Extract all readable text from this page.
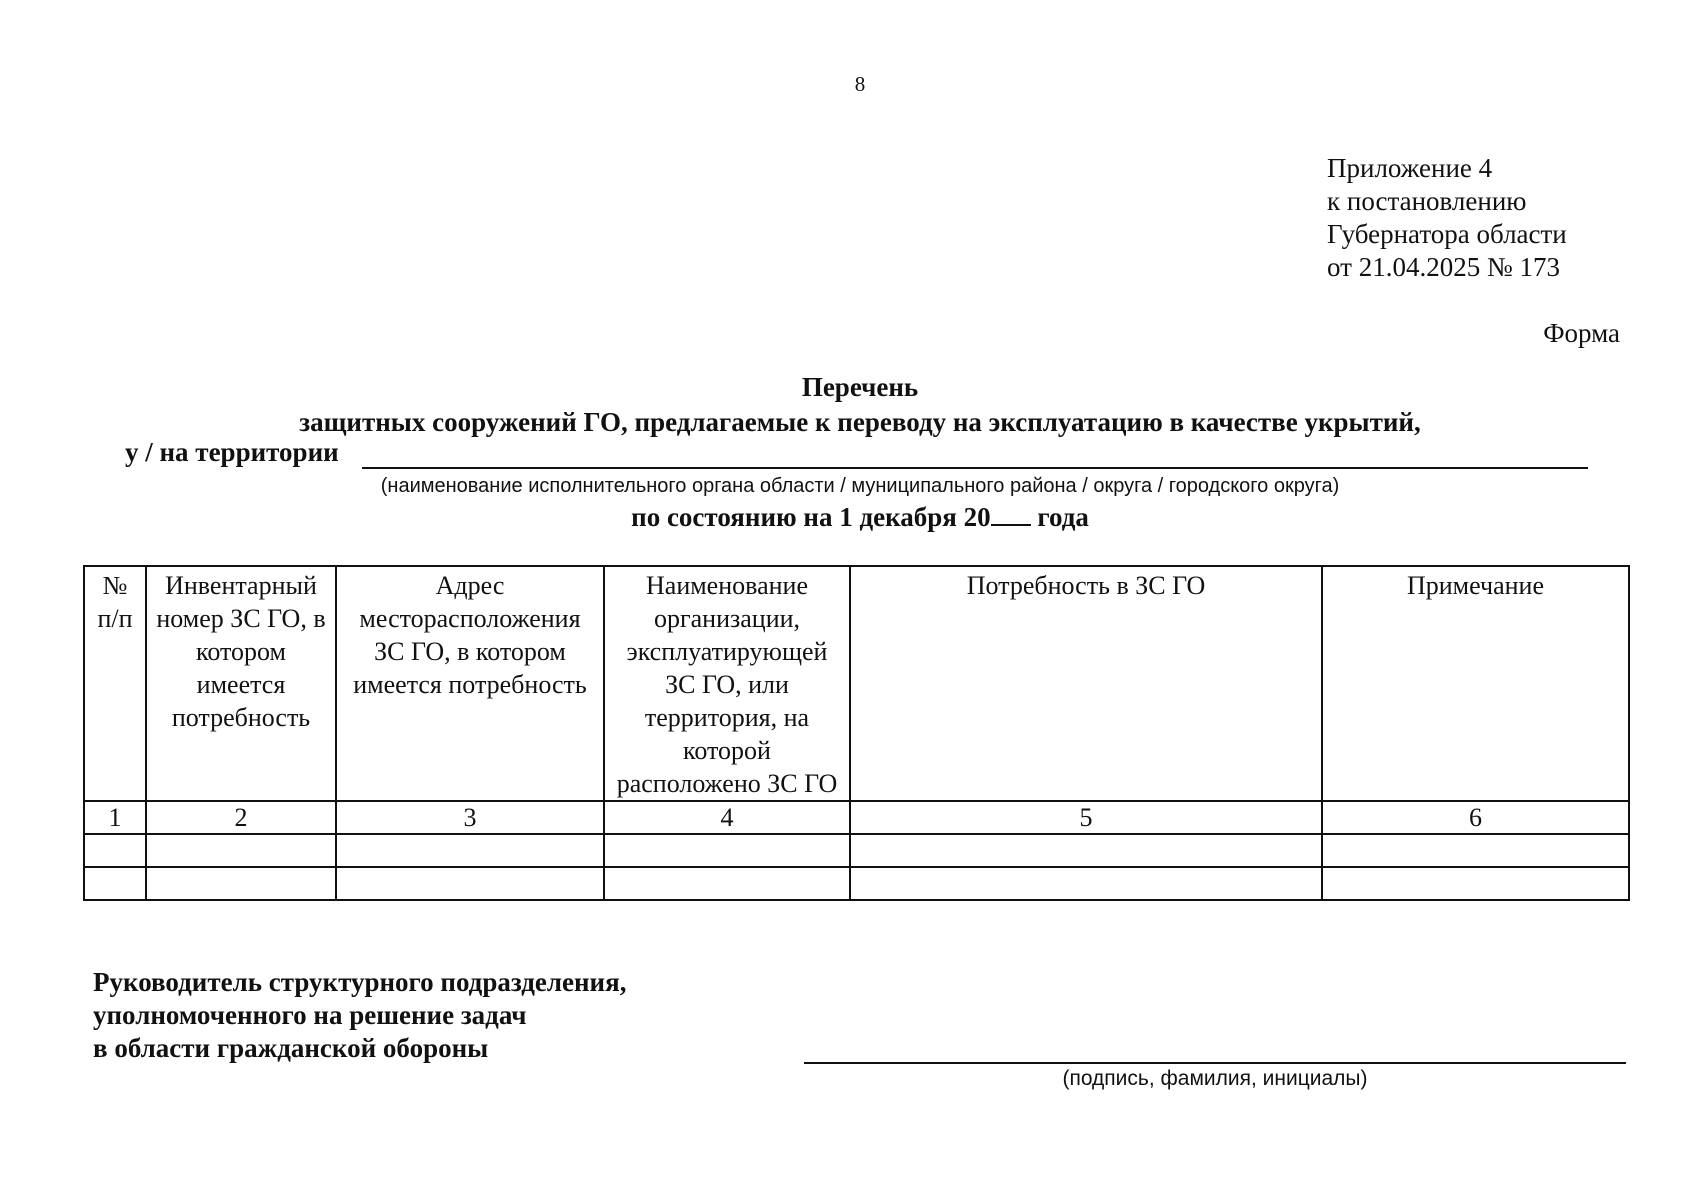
8
Приложение 4
к постановлению
Губернатора области
от 21.04.2025 № 173
Форма
Перечень
защитных сооружений ГО, предлагаемые к переводу на эксплуатацию в качестве укрытий,
у / на территории
(наименование исполнительного органа области / муниципального района / округа / городского округа)
по состоянию на 1 декабря 20 года
№ п/п	Инвентарный номер ЗС ГО, в котором имеется потребность	Адрес месторасположения ЗС ГО, в котором имеется потребность	Наименование организации, эксплуатирующей ЗС ГО, или территория, на которой расположено ЗС ГО	Потребность в ЗС ГО	Примечание
1	2	3	4	5	6

Руководитель структурного подразделения,
уполномоченного на решение задач
в области гражданской обороны
(подпись, фамилия, инициалы)
